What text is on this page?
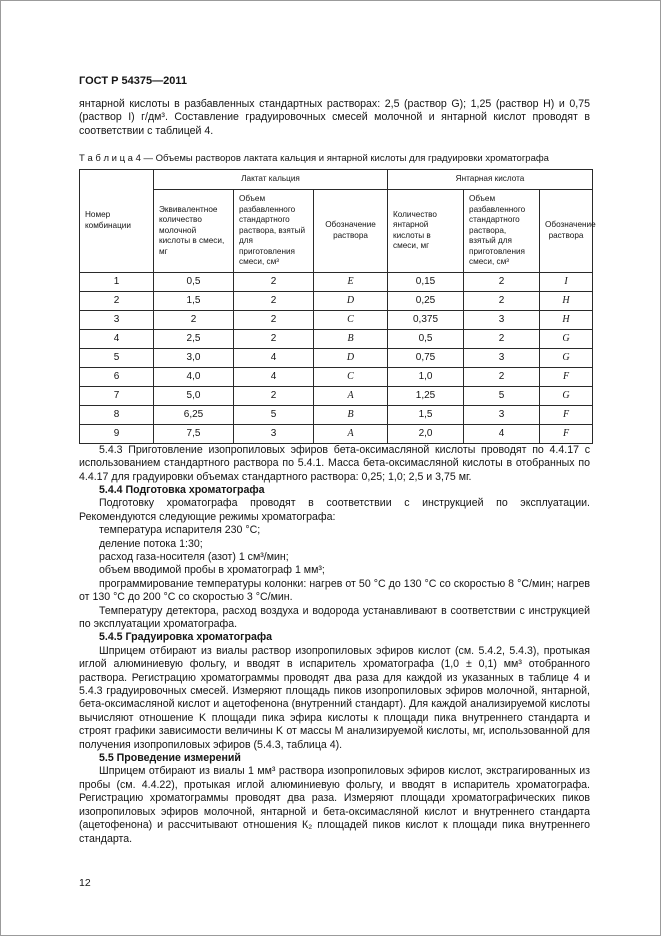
ГОСТ Р 54375—2011

янтарной кислоты в разбавленных стандартных растворах: 2,5 (раствор G); 1,25 (раствор H) и 0,75 (раствор I) г/дм³. Составление градуировочных смесей молочной и янтарной кислот проводят в соответствии с таблицей 4.

Т а б л и ц а 4 — Объемы растворов лактата кальция и янтарной кислоты для градуировки хроматографа
Номер комбинации	Лактат кальция			Янтарная кислота		
	Эквивалентное количество молочной кислоты в смеси, мг	Объем разбавленного стандартного раствора, взятый для приготовления смеси, см³	Обозначение раствора	Количество янтарной кислоты в смеси, мг	Объем разбавленного стандартного раствора, взятый для приготовления смеси, см³	Обозначение раствора
1	0,5	2	E	0,15	2	I
2	1,5	2	D	0,25	2	H
3	2	2	C	0,375	3	H
4	2,5	2	B	0,5	2	G
5	3,0	4	D	0,75	3	G
6	4,0	4	C	1,0	2	F
7	5,0	2	A	1,25	5	G
8	6,25	5	B	1,5	3	F
9	7,5	3	A	2,0	4	F

5.4.3 Приготовление изопропиловых эфиров бета-оксимасляной кислоты проводят по 4.4.17 с использованием стандартного раствора по 5.4.1. Масса бета-оксимасляной кислоты в отобранных по 4.4.17 для градуировки объемах стандартного раствора: 0,25; 1,0; 2,5 и 3,75 мг.

5.4.4 Подготовка хроматографа

Подготовку хроматографа проводят в соответствии с инструкцией по эксплуатации. Рекомендуются следующие режимы хроматографа:

температура испарителя 230 °С;

деление потока 1:30;

расход газа-носителя (азот) 1 см³/мин;

объем вводимой пробы в хроматограф 1 мм³;

программирование температуры колонки: нагрев от 50 °С до 130 °С со скоростью 8 °С/мин; нагрев от 130 °С до 200 °С со скоростью 3 °С/мин.

Температуру детектора, расход воздуха и водорода устанавливают в соответствии с инструкцией по эксплуатации хроматографа.

5.4.5 Градуировка хроматографа

Шприцем отбирают из виалы раствор изопропиловых эфиров кислот (см. 5.4.2, 5.4.3), протыкая иглой алюминиевую фольгу, и вводят в испаритель хроматографа (1,0 ± 0,1) мм³ отобранного раствора. Регистрацию хроматограммы проводят два раза для каждой из указанных в таблице 4 и 5.4.3 градуировочных смесей. Измеряют площадь пиков изопропиловых эфиров молочной, янтарной, бета-оксимасляной кислот и ацетофенона (внутренний стандарт). Для каждой анализируемой кислоты вычисляют отношение K площади пика эфира кислоты к площади пика внутреннего стандарта и строят графики зависимости величины K от массы M анализируемой кислоты, мг, использованной для получения изопропиловых эфиров (5.4.3, таблица 4).

5.5 Проведение измерений

Шприцем отбирают из виалы 1 мм³ раствора изопропиловых эфиров кислот, экстрагированных из пробы (см. 4.4.22), протыкая иглой алюминиевую фольгу, и вводят в испаритель хроматографа. Регистрацию хроматограммы проводят два раза. Измеряют площади хроматографических пиков изопропиловых эфиров молочной, янтарной и бета-оксимасляной кислот и внутреннего стандарта (ацетофенона) и рассчитывают отношения К₂ площадей пиков кислот к площади пика внутреннего стандарта.

12
